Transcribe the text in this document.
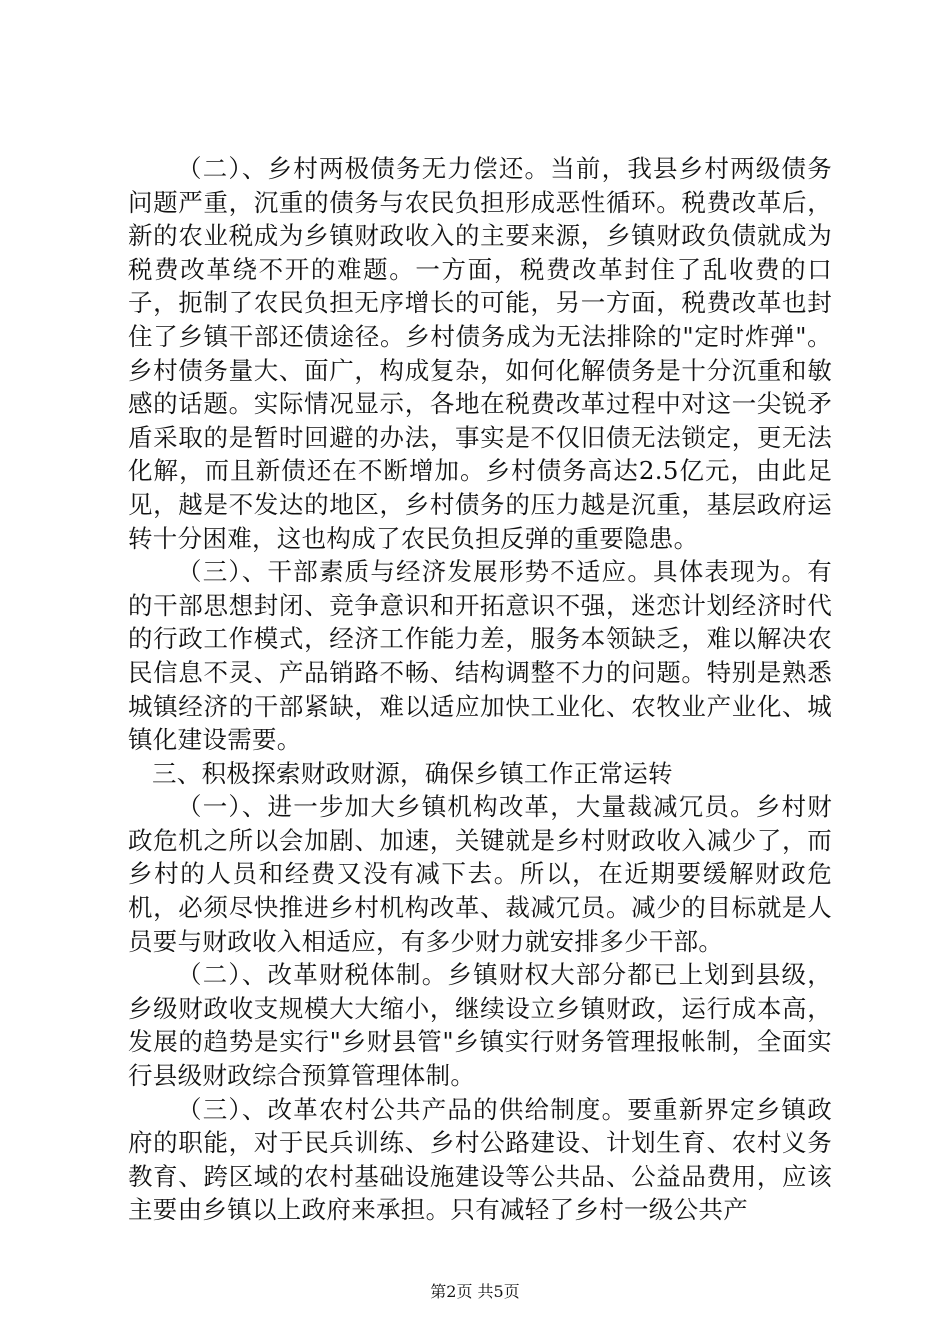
（二）、乡村两极债务无力偿还。当前，我县乡村两级债务问题严重，沉重的债务与农民负担形成恶性循环。税费改革后，新的农业税成为乡镇财政收入的主要来源，乡镇财政负债就成为税费改革绕不开的难题。一方面，税费改革封住了乱收费的口子，扼制了农民负担无序增长的可能，另一方面，税费改革也封住了乡镇干部还债途径。乡村债务成为无法排除的"定时炸弹"。乡村债务量大、面广，构成复杂，如何化解债务是十分沉重和敏感的话题。实际情况显示，各地在税费改革过程中对这一尖锐矛盾采取的是暂时回避的办法，事实是不仅旧债无法锁定，更无法化解，而且新债还在不断增加。乡村债务高达2.5亿元，由此足见，越是不发达的地区，乡村债务的压力越是沉重，基层政府运转十分困难，这也构成了农民负担反弹的重要隐患。

（三）、干部素质与经济发展形势不适应。具体表现为。有的干部思想封闭、竞争意识和开拓意识不强，迷恋计划经济时代的行政工作模式，经济工作能力差，服务本领缺乏，难以解决农民信息不灵、产品销路不畅、结构调整不力的问题。特别是熟悉城镇经济的干部紧缺，难以适应加快工业化、农牧业产业化、城镇化建设需要。

三、积极探索财政财源，确保乡镇工作正常运转

（一）、进一步加大乡镇机构改革，大量裁减冗员。乡村财政危机之所以会加剧、加速，关键就是乡村财政收入减少了，而乡村的人员和经费又没有减下去。所以，在近期要缓解财政危机，必须尽快推进乡村机构改革、裁减冗员。减少的目标就是人员要与财政收入相适应，有多少财力就安排多少干部。

（二）、改革财税体制。乡镇财权大部分都已上划到县级，乡级财政收支规模大大缩小，继续设立乡镇财政，运行成本高，发展的趋势是实行"乡财县管"乡镇实行财务管理报帐制，全面实行县级财政综合预算管理体制。

（三）、改革农村公共产品的供给制度。要重新界定乡镇政府的职能，对于民兵训练、乡村公路建设、计划生育、农村义务教育、跨区域的农村基础设施建设等公共品、公益品费用，应该主要由乡镇以上政府来承担。只有减轻了乡村一级公共产

第2页 共5页
